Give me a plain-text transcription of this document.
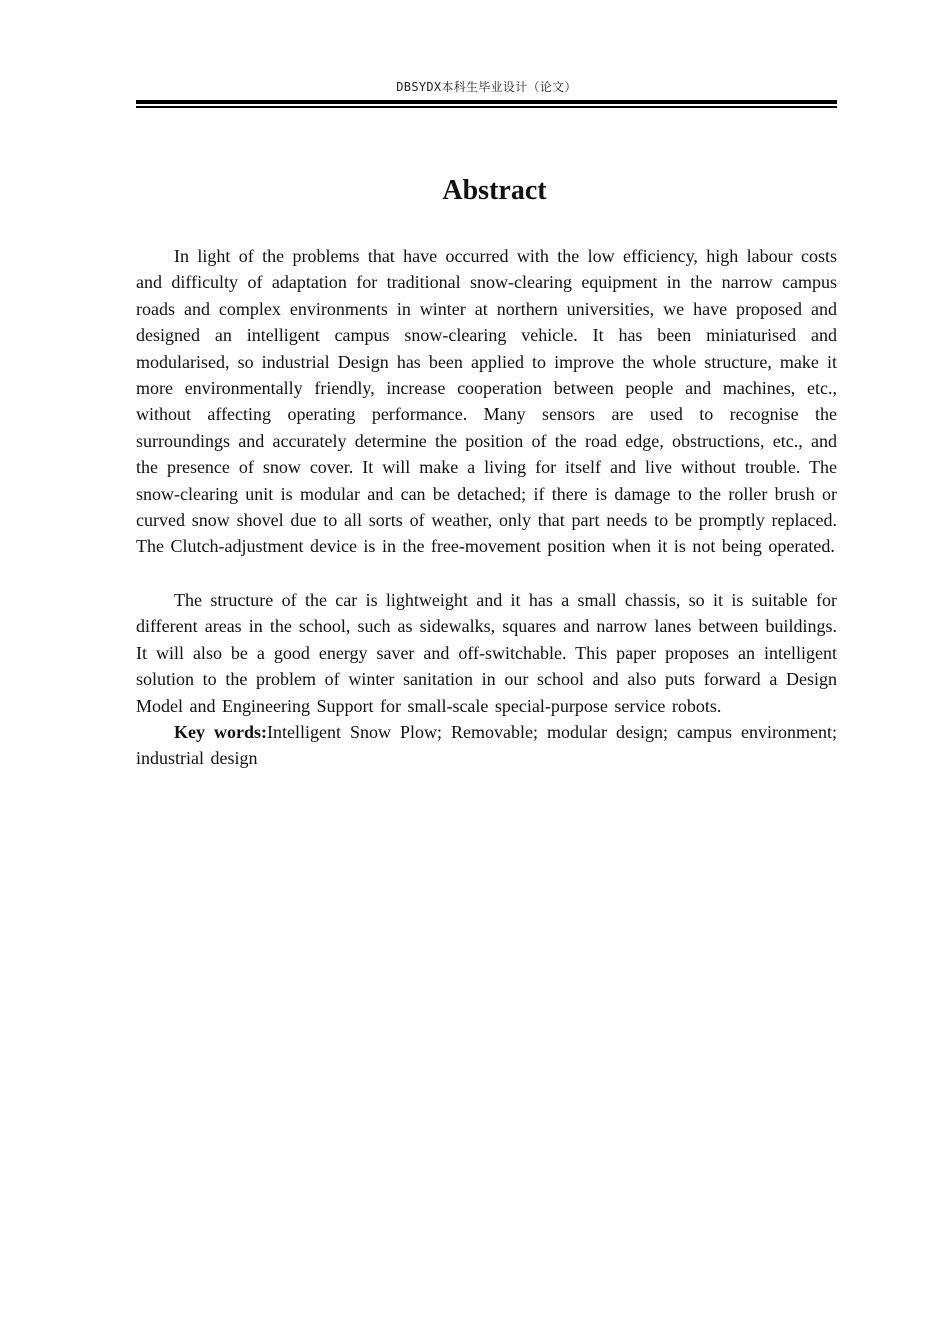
DBSYDX本科生毕业设计（论文）
Abstract

In light of the problems that have occurred with the low efficiency, high labour costs and difficulty of adaptation for traditional snow-clearing equipment in the narrow campus roads and complex environments in winter at northern universities, we have proposed and designed an intelligent campus snow-clearing vehicle. It has been miniaturised and modularised, so industrial Design has been applied to improve the whole structure, make it more environmentally friendly, increase cooperation between people and machines, etc., without affecting operating performance. Many sensors are used to recognise the surroundings and accurately determine the position of the road edge, obstructions, etc., and the presence of snow cover. It will make a living for itself and live without trouble. The snow-clearing unit is modular and can be detached; if there is damage to the roller brush or curved snow shovel due to all sorts of weather, only that part needs to be promptly replaced. The Clutch-adjustment device is in the free-movement position when it is not being operated.

The structure of the car is lightweight and it has a small chassis, so it is suitable for different areas in the school, such as sidewalks, squares and narrow lanes between buildings. It will also be a good energy saver and off-switchable. This paper proposes an intelligent solution to the problem of winter sanitation in our school and also puts forward a Design Model and Engineering Support for small-scale special-purpose service robots.

Key words:Intelligent Snow Plow; Removable; modular design; campus environment; industrial design
